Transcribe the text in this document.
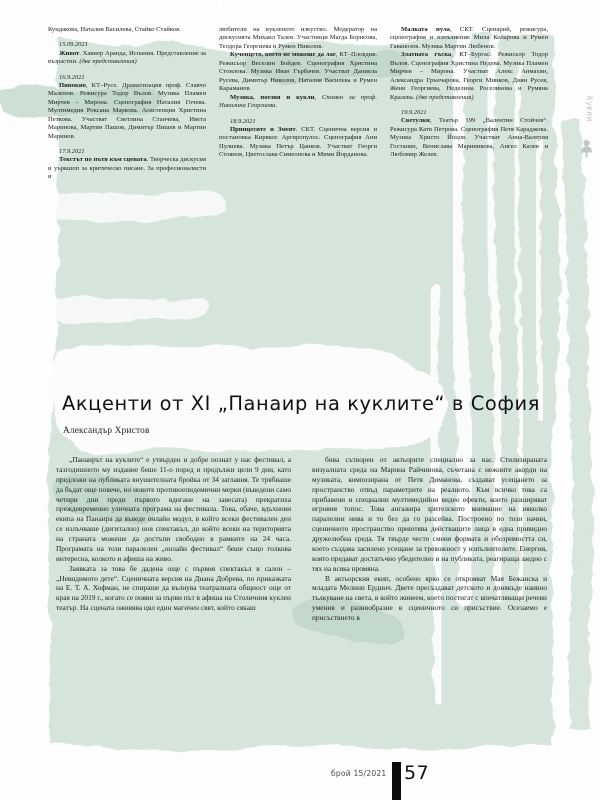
Кукли

Кундакова, Наталия Василева, Стайко Стайков.

15.09.2021

Живот. Хавиер Аранда, Испания. Представление за възрастни. (две представления)

16.9.2021

Пинокио, КТ–Русе. Драматизация проф. Славчо Маленов. Режисура Тодор Вълов. Музика Пламен Мирчев – Мирона. Сценография Наталия Гочева. Мултимедия Роксана Маркова. Асистенция Христина Петкова. Участват Светлина Станчева, Ивета Маринова, Мартин Пашов, Димитър Пишев и Мартин Маринов.

17.9.2021

Текстът по пътя към сцената. Творческа дискусия и уъркшоп за критическо писане. За професионалисти и

любители на кукленото изкуство. Модератор на дискусията Михаил Талев. Участници Магда Борисова, Теодора Георгиева и Румен Николов.

Кученцето, което не можеше да лае, КТ–Пловдив. Режисьор Веселин Бойдев. Сценография Христина Стоилова. Музика Иван Гърбачев. Участват Даниела Русева, Димитър Николов, Наталия Василева и Румен Караманов.

Музика, поезия и кукли, Спомен за проф. Николина Георгиева.

18.9.2021

Принцесите и Змеят. СКТ. Сценична версия и постановка Кирякос Аргиропулос. Сценография Ани Пулиева. Музика Петър Цанков. Участват Георги Стоянов, Цветослава Симеонова и Мими Йорданова.

Малката нула, СКТ. Сценарий, режисура, сценография и изпълнение Мила Коларова и Румен Гаванозов. Музика Мартин Любенов.

Златната гъска, КТ–Бургас. Режисьор Тодор Вълов. Сценография Христина Недева. Музика Пламен Мирчев – Мирона. Участват Алекс Анмахян, Александра Грънчарова, Георги Минков, Диян Русев, Женя Георгиева, Неделина Роселинова и Румяна Кралева. (две представления)

19.9.2021

Светулки, Театър 199 „Валентин Стойчев“. Режисура Катя Петрова. Сценография Петя Караджова. Музика Христо Йоцов. Участват Анна-Валерия Гостанян, Венислава Мариникова, Ангел Калев и Любомир Желев.

Акценти от XI „Панаир на куклите“ в София
Александър Христов

„Панаирът на куклите“ е утвърден и добре познат у нас фестивал, а тазгодишното му издание беше 11-о поред и продължи цели 9 дни, като предложи на публиката внушителната бройка от 34 заглавия. Те трябваше да бъдат още повече, но новите противоепидемични мерки (въведени само четири дни преди първото вдигане на завесата) прекратиха преждевременно уличната програма на фестивала. Това, обаче, вдъхнови екипа на Панаира да въведе онлайн модул, в който всеки фестивален ден се излъчваше (дигитално) нов спектакъл, до който всеки на територията на страната можеше да достъпи свободно в рамките на 24 часа. Програмата на този паралелен „онлайн фестивал“ беше също толкова интересна, колкото и афиша на живо.

Заявката за това бе дадена още с първия спектакъл в салон – „Невидимото дете“. Сценичната версия на Диана Добрева, по приказката на Е. Т. А. Хофман, не спираше да вълнува театралната общност още от края на 2019 г., когато се появи за първи път в афиша на Столичния куклен театър. На сцената оживява цял един магичен свят, който сякаш

бива сътворен от актьорите специално за нас. Стилизираната визуалната среда на Марина Райчинова, съчетана с нежните акорди на музиката, композирана от Петя Диманова, създават усещането за пространство отвъд параметрите на реалното. Към всичко това са прибавени и специални мултимедийни видео ефекти, които разширяват игровия топос. Това ангажира зрителското внимание на няколко паралелни нива и то без да го разсейва. Построено по този начин, сценичното пространство приютява действащите лица в една привидно дружелюбна среда. Тя твърде често сменя формата и обозримостта си, което създава засилено усещане за тревожност у изпълнителите. Енергия, която предават достатъчно убедително и на публиката, реагираща заедно с тях на всяка промяна.

В актьорския екип, особено ярко се открояват Мая Бежанска и младата Мелини Ердинч. Двете пресъздават детското и донякъде наивно тълкуване на света, в който живеем, което постигат с впечатляващи речеви умения и разнообразие в сценичното си присъствие. Осезаемо е присъствието в

брой 15/2021 57
